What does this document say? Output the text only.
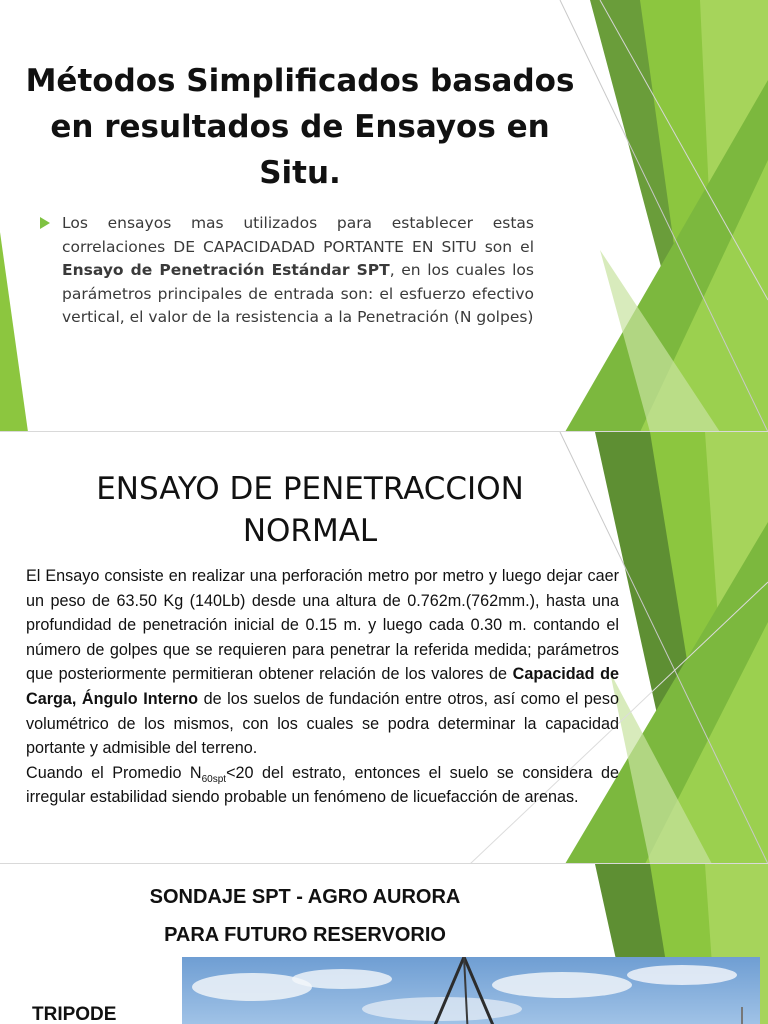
Métodos Simplificados basados en resultados de Ensayos en Situ.
Los ensayos mas utilizados para establecer estas correlaciones DE CAPACIDADAD PORTANTE EN SITU son el Ensayo de Penetración Estándar SPT, en los cuales los parámetros principales de entrada son: el esfuerzo efectivo vertical, el valor de la resistencia a la Penetración (N golpes)
ENSAYO DE PENETRACCION
NORMAL

El Ensayo consiste en realizar una perforación metro por metro y luego dejar caer un peso de 63.50 Kg (140Lb) desde una altura de 0.762m.(762mm.), hasta una profundidad de penetración inicial de 0.15 m. y luego cada 0.30 m. contando el número de golpes que se requieren para penetrar la referida medida; parámetros que posteriormente permitieran obtener relación de los valores de Capacidad de Carga, Ángulo Interno de los suelos de fundación entre otros, así como el peso volumétrico de los mismos, con los cuales se podra determinar la capacidad portante y admisible del terreno.

Cuando el Promedio $N_{60spt}<20$ del estrato, entonces el suelo se considera de irregular estabilidad siendo probable un fenómeno de licuefacción de arenas.

SONDAJE SPT - AGRO AURORA
PARA FUTURO RESERVORIO
TRIPODE
